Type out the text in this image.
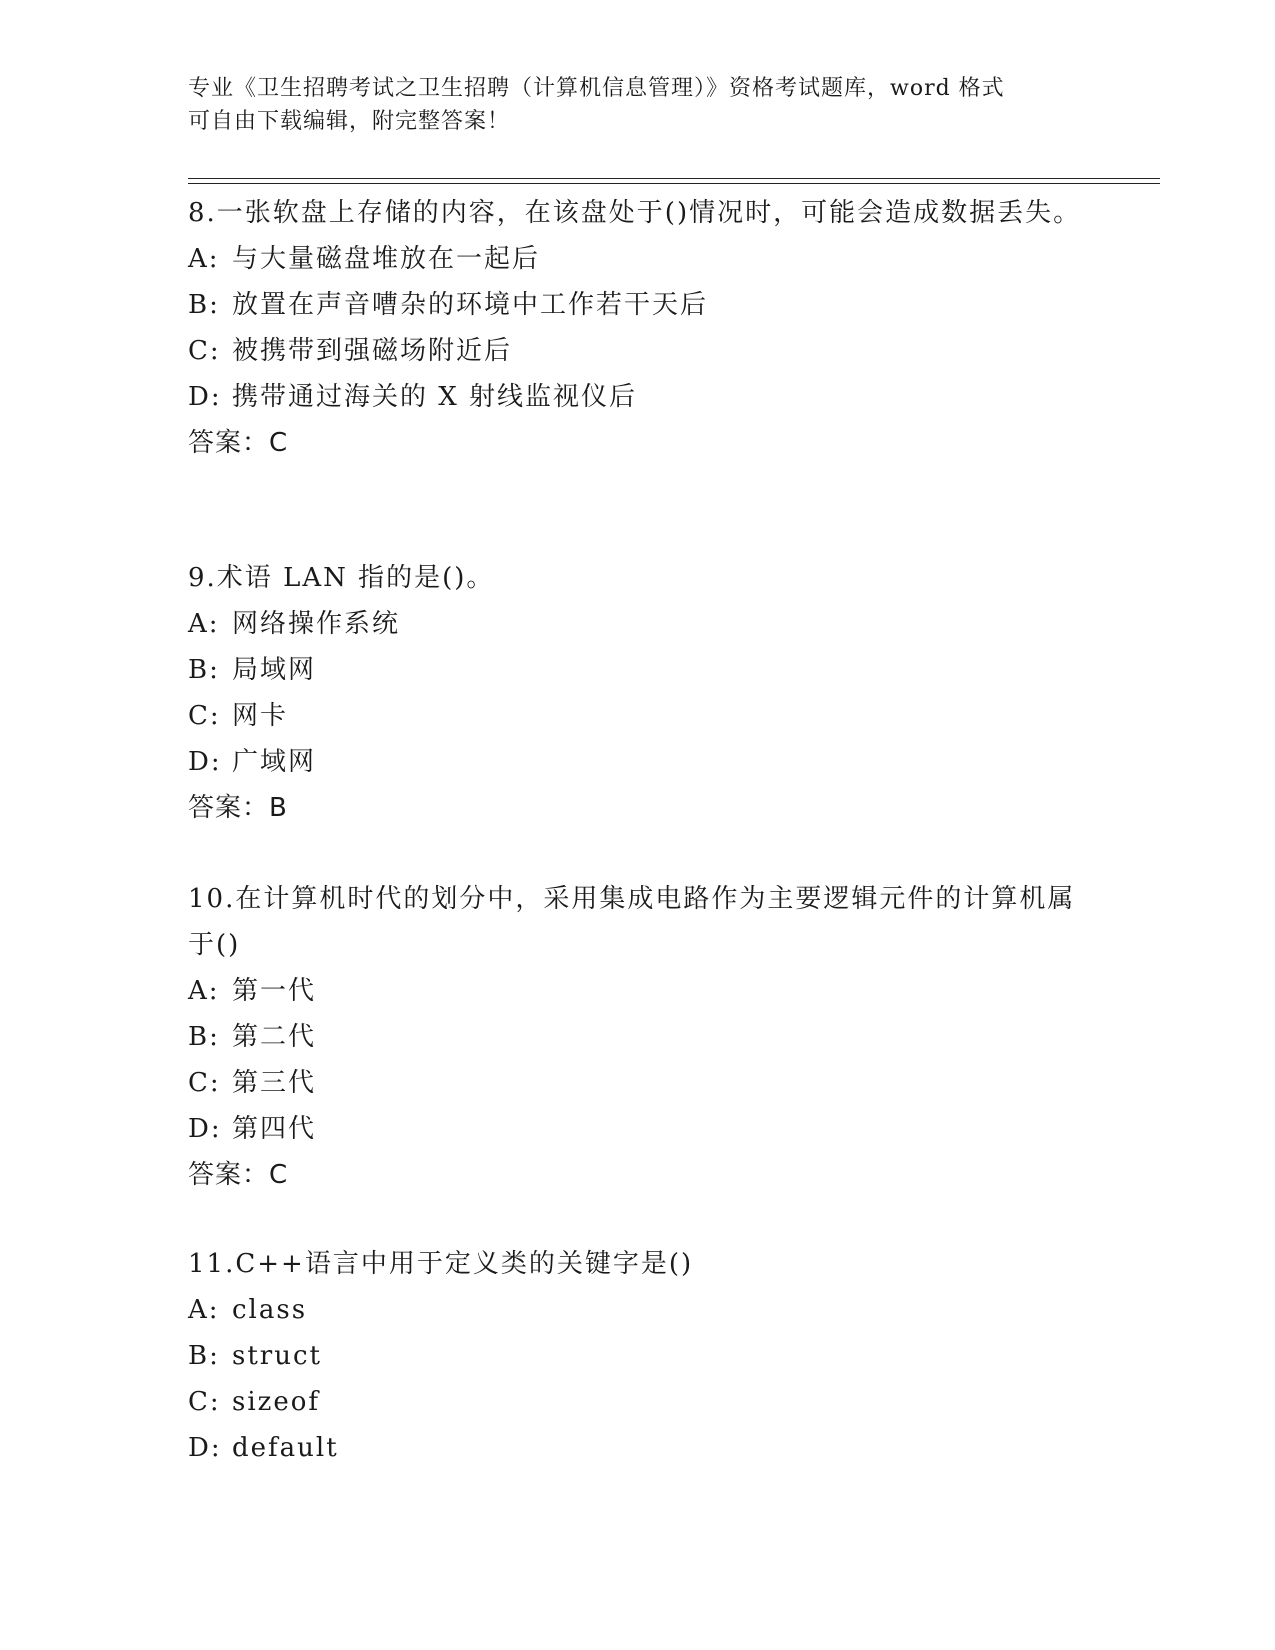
专业《卫生招聘考试之卫生招聘（计算机信息管理）》资格考试题库，word 格式
可自由下载编辑，附完整答案！

8.一张软盘上存储的内容，在该盘处于()情况时，可能会造成数据丢失。

A: 与大量磁盘堆放在一起后

B: 放置在声音嘈杂的环境中工作若干天后

C: 被携带到强磁场附近后

D: 携带通过海关的 X 射线监视仪后

答案：C

9.术语 LAN 指的是()。

A: 网络操作系统

B: 局域网

C: 网卡

D: 广域网

答案：B

10.在计算机时代的划分中，采用集成电路作为主要逻辑元件的计算机属于()

A: 第一代

B: 第二代

C: 第三代

D: 第四代

答案：C

11.C++语言中用于定义类的关键字是()

A: class

B: struct

C: sizeof

D: default
